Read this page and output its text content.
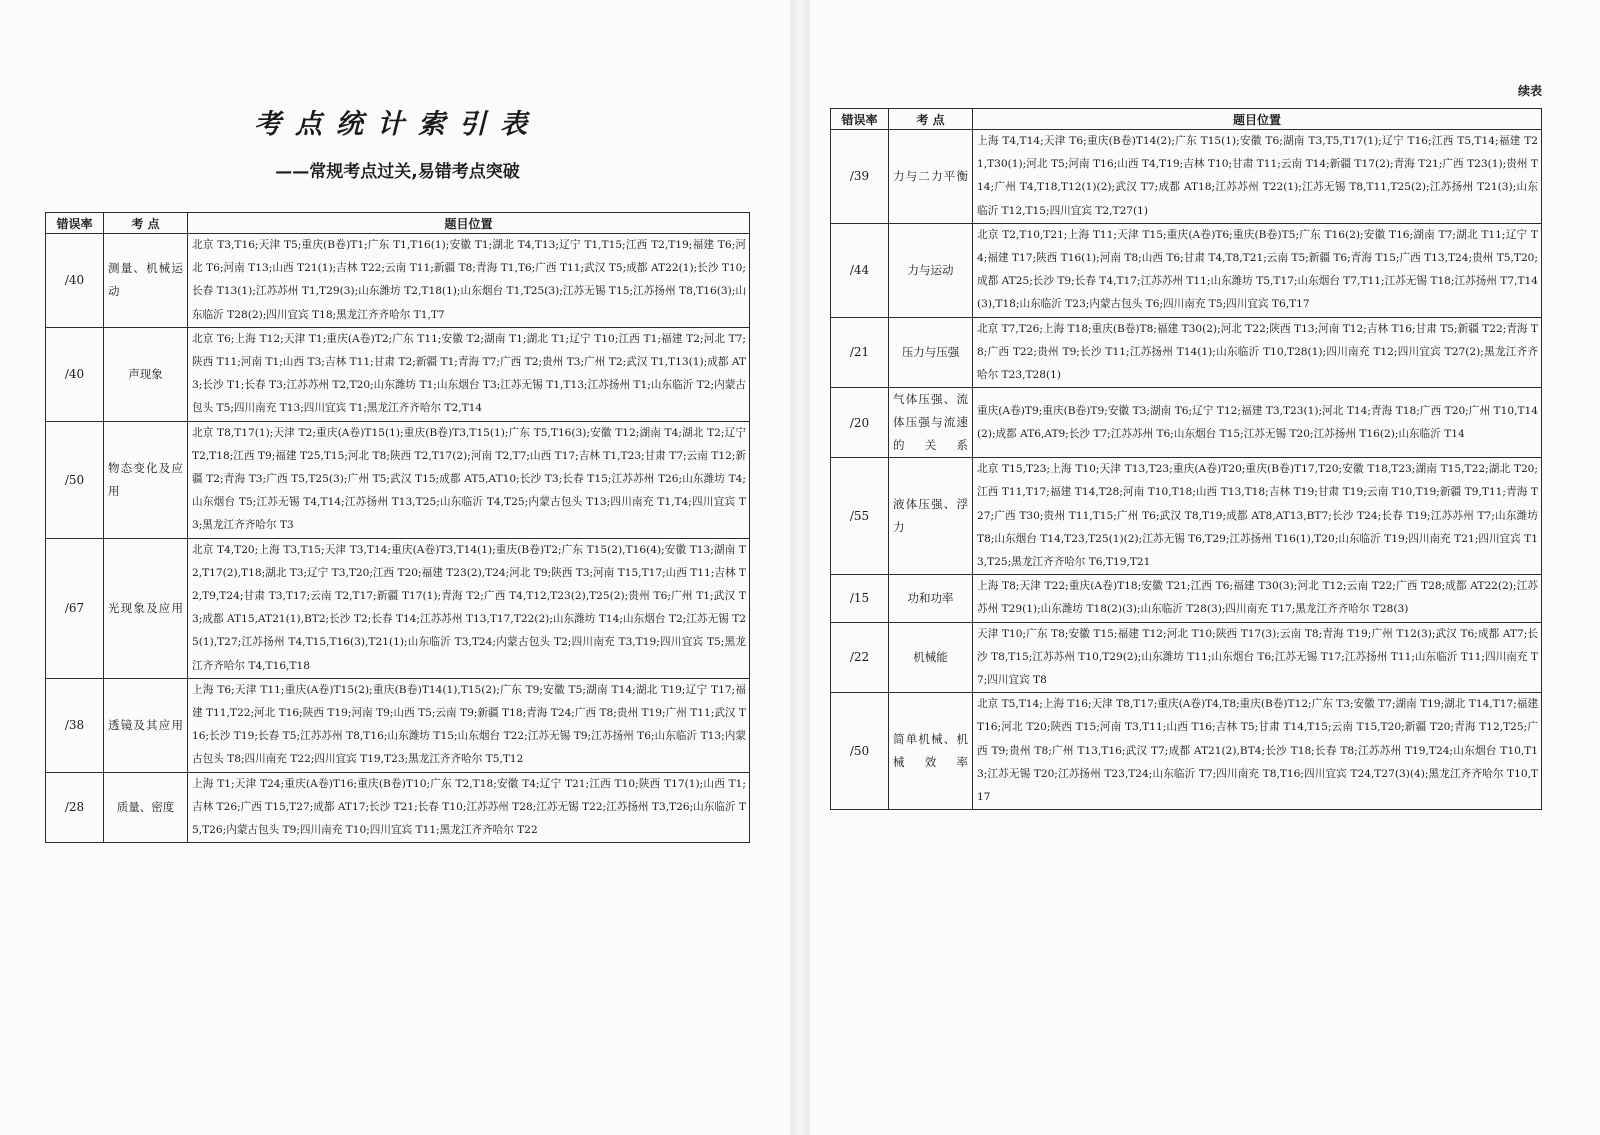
考点统计索引表
——常规考点过关,易错考点突破
错误率	考 点	题目位置
/40	测量、机械运动	北京 T3,T16;天津 T5;重庆(B卷)T1;广东 T1,T16(1);安徽 T1;湖北 T4,T13;辽宁 T1,T15;江西 T2,T19;福建 T6;河北 T6;河南 T13;山西 T21(1);吉林 T22;云南 T11;新疆 T8;青海 T1,T6;广西 T11;武汉 T5;成都 AT22(1);长沙 T10;长春 T13(1);江苏苏州 T1,T29(3);山东潍坊 T2,T18(1);山东烟台 T1,T25(3);江苏无锡 T15;江苏扬州 T8,T16(3);山东临沂 T28(2);四川宜宾 T18;黑龙江齐齐哈尔 T1,T7
/40	声现象	北京 T6;上海 T12;天津 T1;重庆(A卷)T2;广东 T11;安徽 T2;湖南 T1;湖北 T1;辽宁 T10;江西 T1;福建 T2;河北 T7;陕西 T11;河南 T1;山西 T3;吉林 T11;甘肃 T2;新疆 T1;青海 T7;广西 T2;贵州 T3;广州 T2;武汉 T1,T13(1);成都 AT3;长沙 T1;长春 T3;江苏苏州 T2,T20;山东潍坊 T1;山东烟台 T3;江苏无锡 T1,T13;江苏扬州 T1;山东临沂 T2;内蒙古包头 T5;四川南充 T13;四川宜宾 T1;黑龙江齐齐哈尔 T2,T14
/50	物态变化及应用	北京 T8,T17(1);天津 T2;重庆(A卷)T15(1);重庆(B卷)T3,T15(1);广东 T5,T16(3);安徽 T12;湖南 T4;湖北 T2;辽宁 T2,T18;江西 T9;福建 T25,T15;河北 T8;陕西 T2,T17(2);河南 T2,T7;山西 T17;吉林 T1,T23;甘肃 T7;云南 T12;新疆 T2;青海 T3;广西 T5,T25(3);广州 T5;武汉 T15;成都 AT5,AT10;长沙 T3;长春 T15;江苏苏州 T26;山东潍坊 T4;山东烟台 T5;江苏无锡 T4,T14;江苏扬州 T13,T25;山东临沂 T4,T25;内蒙古包头 T13;四川南充 T1,T4;四川宜宾 T3;黑龙江齐齐哈尔 T3
/67	光现象及应用	北京 T4,T20;上海 T3,T15;天津 T3,T14;重庆(A卷)T3,T14(1);重庆(B卷)T2;广东 T15(2),T16(4);安徽 T13;湖南 T2,T17(2),T18;湖北 T3;辽宁 T3,T20;江西 T20;福建 T23(2),T24;河北 T9;陕西 T3;河南 T15,T17;山西 T11;吉林 T2,T9,T24;甘肃 T3,T17;云南 T2,T17;新疆 T17(1);青海 T2;广西 T4,T12,T23(2),T25(2);贵州 T6;广州 T1;武汉 T3;成都 AT15,AT21(1),BT2;长沙 T2;长春 T14;江苏苏州 T13,T17,T22(2);山东潍坊 T14;山东烟台 T2;江苏无锡 T25(1),T27;江苏扬州 T4,T15,T16(3),T21(1);山东临沂 T3,T24;内蒙古包头 T2;四川南充 T3,T19;四川宜宾 T5;黑龙江齐齐哈尔 T4,T16,T18
/38	透镜及其应用	上海 T6;天津 T11;重庆(A卷)T15(2);重庆(B卷)T14(1),T15(2);广东 T9;安徽 T5;湖南 T14;湖北 T19;辽宁 T17;福建 T11,T22;河北 T16;陕西 T19;河南 T9;山西 T5;云南 T9;新疆 T18;青海 T24;广西 T8;贵州 T19;广州 T11;武汉 T16;长沙 T19;长春 T5;江苏苏州 T8,T16;山东潍坊 T15;山东烟台 T22;江苏无锡 T9;江苏扬州 T6;山东临沂 T13;内蒙古包头 T8;四川南充 T22;四川宜宾 T19,T23;黑龙江齐齐哈尔 T5,T12
/28	质量、密度	上海 T1;天津 T24;重庆(A卷)T16;重庆(B卷)T10;广东 T2,T18;安徽 T4;辽宁 T21;江西 T10;陕西 T17(1);山西 T1;吉林 T26;广西 T15,T27;成都 AT17;长沙 T21;长春 T10;江苏苏州 T28;江苏无锡 T22;江苏扬州 T3,T26;山东临沂 T5,T26;内蒙古包头 T9;四川南充 T10;四川宜宾 T11;黑龙江齐齐哈尔 T22
续表
错误率	考 点	题目位置
/39	力与二力平衡	上海 T4,T14;天津 T6;重庆(B卷)T14(2);广东 T15(1);安徽 T6;湖南 T3,T5,T17(1);辽宁 T16;江西 T5,T14;福建 T21,T30(1);河北 T5;河南 T16;山西 T4,T19;吉林 T10;甘肃 T11;云南 T14;新疆 T17(2);青海 T21;广西 T23(1);贵州 T14;广州 T4,T18,T12(1)(2);武汉 T7;成都 AT18;江苏苏州 T22(1);江苏无锡 T8,T11,T25(2);江苏扬州 T21(3);山东临沂 T12,T15;四川宜宾 T2,T27(1)
/44	力与运动	北京 T2,T10,T21;上海 T11;天津 T15;重庆(A卷)T6;重庆(B卷)T5;广东 T16(2);安徽 T16;湖南 T7;湖北 T11;辽宁 T4;福建 T17;陕西 T16(1);河南 T8;山西 T6;甘肃 T4,T8,T21;云南 T5;新疆 T6;青海 T15;广西 T13,T24;贵州 T5,T20;成都 AT25;长沙 T9;长春 T4,T17;江苏苏州 T11;山东潍坊 T5,T17;山东烟台 T7,T11;江苏无锡 T18;江苏扬州 T7,T14(3),T18;山东临沂 T23;内蒙古包头 T6;四川南充 T5;四川宜宾 T6,T17
/21	压力与压强	北京 T7,T26;上海 T18;重庆(B卷)T8;福建 T30(2);河北 T22;陕西 T13;河南 T12;吉林 T16;甘肃 T5;新疆 T22;青海 T8;广西 T22;贵州 T9;长沙 T11;江苏扬州 T14(1);山东临沂 T10,T28(1);四川南充 T12;四川宜宾 T27(2);黑龙江齐齐哈尔 T23,T28(1)
/20	气体压强、流体压强与流速的关系	重庆(A卷)T9;重庆(B卷)T9;安徽 T3;湖南 T6;辽宁 T12;福建 T3,T23(1);河北 T14;青海 T18;广西 T20;广州 T10,T14(2);成都 AT6,AT9;长沙 T7;江苏苏州 T6;山东烟台 T15;江苏无锡 T20;江苏扬州 T16(2);山东临沂 T14
/55	液体压强、浮力	北京 T15,T23;上海 T10;天津 T13,T23;重庆(A卷)T20;重庆(B卷)T17,T20;安徽 T18,T23;湖南 T15,T22;湖北 T20;江西 T11,T17;福建 T14,T28;河南 T10,T18;山西 T13,T18;吉林 T19;甘肃 T19;云南 T10,T19;新疆 T9,T11;青海 T27;广西 T30;贵州 T11,T15;广州 T6;武汉 T8,T19;成都 AT8,AT13,BT7;长沙 T24;长春 T19;江苏苏州 T7;山东潍坊 T8;山东烟台 T14,T23,T25(1)(2);江苏无锡 T6,T29;江苏扬州 T16(1),T20;山东临沂 T19;四川南充 T21;四川宜宾 T13,T25;黑龙江齐齐哈尔 T6,T19,T21
/15	功和功率	上海 T8;天津 T22;重庆(A卷)T18;安徽 T21;江西 T6;福建 T30(3);河北 T12;云南 T22;广西 T28;成都 AT22(2);江苏苏州 T29(1);山东潍坊 T18(2)(3);山东临沂 T28(3);四川南充 T17;黑龙江齐齐哈尔 T28(3)
/22	机械能	天津 T10;广东 T8;安徽 T15;福建 T12;河北 T10;陕西 T17(3);云南 T8;青海 T19;广州 T12(3);武汉 T6;成都 AT7;长沙 T8,T15;江苏苏州 T10,T29(2);山东潍坊 T11;山东烟台 T6;江苏无锡 T17;江苏扬州 T11;山东临沂 T11;四川南充 T7;四川宜宾 T8
/50	简单机械、机械效率	北京 T5,T14;上海 T16;天津 T8,T17;重庆(A卷)T4,T8;重庆(B卷)T12;广东 T3;安徽 T7;湖南 T19;湖北 T14,T17;福建 T16;河北 T20;陕西 T15;河南 T3,T11;山西 T16;吉林 T5;甘肃 T14,T15;云南 T15,T20;新疆 T20;青海 T12,T25;广西 T9;贵州 T8;广州 T13,T16;武汉 T7;成都 AT21(2),BT4;长沙 T18;长春 T8;江苏苏州 T19,T24;山东烟台 T10,T13;江苏无锡 T20;江苏扬州 T23,T24;山东临沂 T7;四川南充 T8,T16;四川宜宾 T24,T27(3)(4);黑龙江齐齐哈尔 T10,T17
